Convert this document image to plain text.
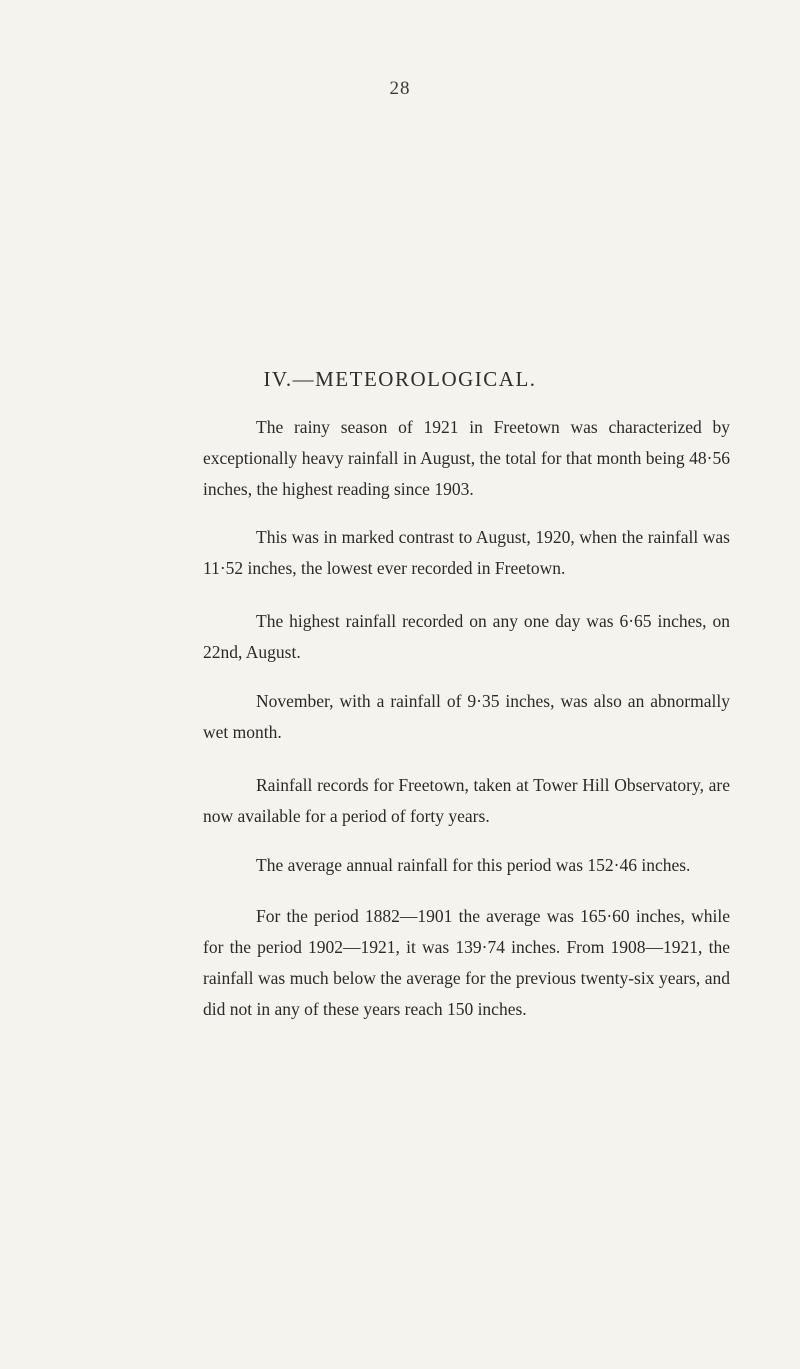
28
IV.—METEOROLOGICAL.

The rainy season of 1921 in Freetown was characterized by exceptionally heavy rainfall in August, the total for that month being 48·56 inches, the highest reading since 1903.

This was in marked contrast to August, 1920, when the rainfall was 11·52 inches, the lowest ever recorded in Freetown.

The highest rainfall recorded on any one day was 6·65 inches, on 22nd, August.

November, with a rainfall of 9·35 inches, was also an abnormally wet month.

Rainfall records for Freetown, taken at Tower Hill Observatory, are now available for a period of forty years.

The average annual rainfall for this period was 152·46 inches.

For the period 1882—1901 the average was 165·60 inches, while for the period 1902—1921, it was 139·74 inches. From 1908—1921, the rainfall was much below the average for the previous twenty-six years, and did not in any of these years reach 150 inches.
